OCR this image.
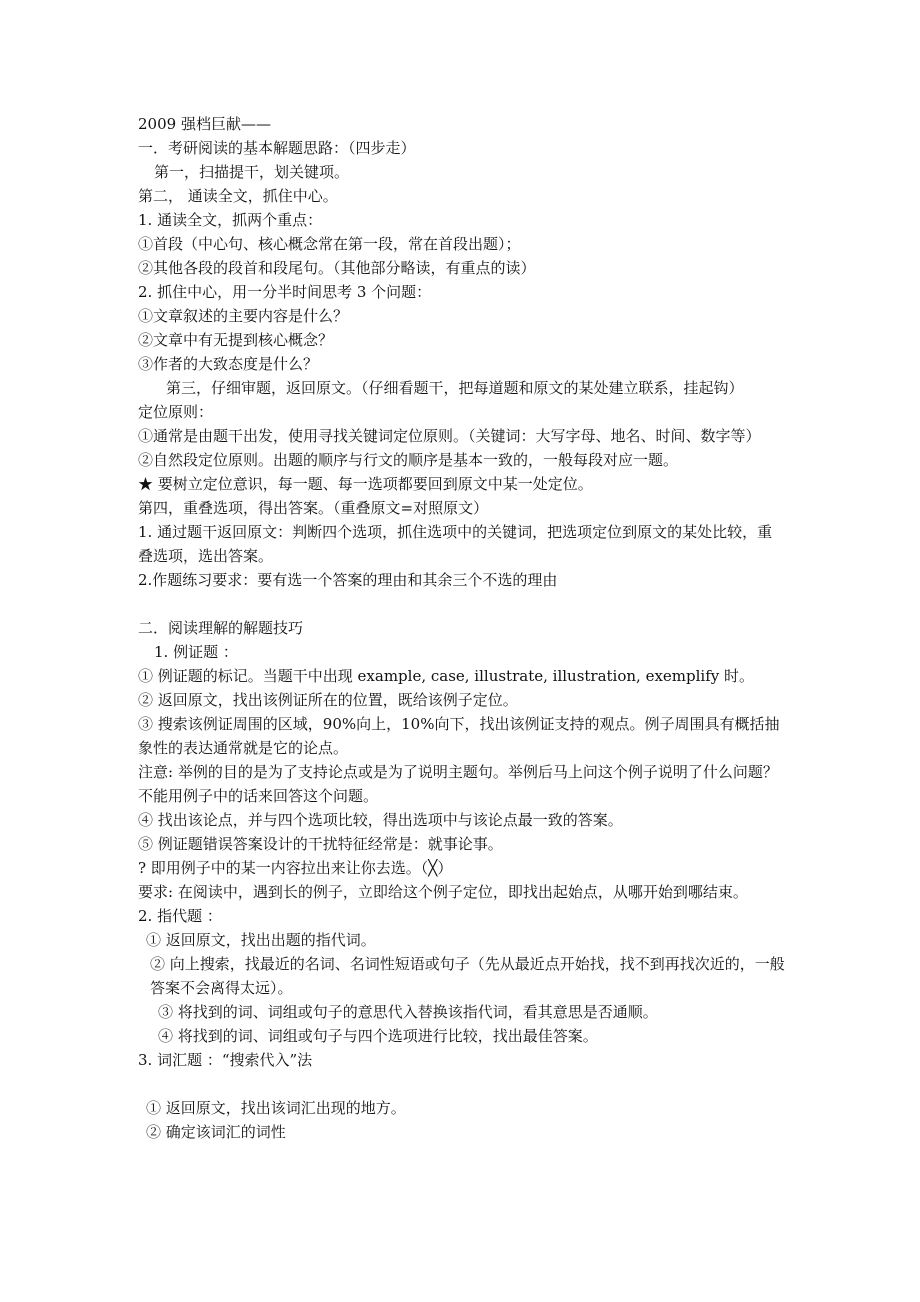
2009 强档巨献——
一．考研阅读的基本解题思路：（四步走）
第一，扫描提干，划关键项。
第二， 通读全文，抓住中心。
1. 通读全文，抓两个重点：
①首段（中心句、核心概念常在第一段，常在首段出题）；
②其他各段的段首和段尾句。（其他部分略读，有重点的读）
2. 抓住中心，用一分半时间思考 3 个问题：
①文章叙述的主要内容是什么？
②文章中有无提到核心概念？
③作者的大致态度是什么？
第三，仔细审题，返回原文。（仔细看题干，把每道题和原文的某处建立联系，挂起钩）
定位原则：
①通常是由题干出发，使用寻找关键词定位原则。（关键词：大写字母、地名、时间、数字等）
②自然段定位原则。出题的顺序与行文的顺序是基本一致的，一般每段对应一题。
★ 要树立定位意识，每一题、每一选项都要回到原文中某一处定位。
第四，重叠选项，得出答案。（重叠原文=对照原文）
1. 通过题干返回原文：判断四个选项，抓住选项中的关键词，把选项定位到原文的某处比较，重叠选项，选出答案。
2.作题练习要求：要有选一个答案的理由和其余三个不选的理由
二．阅读理解的解题技巧
1. 例证题 ：
① 例证题的标记。当题干中出现 example, case, illustrate, illustration, exemplify 时。
② 返回原文，找出该例证所在的位置，既给该例子定位。
③ 搜索该例证周围的区域，90%向上，10%向下，找出该例证支持的观点。例子周围具有概括抽象性的表达通常就是它的论点。
注意: 举例的目的是为了支持论点或是为了说明主题句。举例后马上问这个例子说明了什么问题？不能用例子中的话来回答这个问题。
④ 找出该论点，并与四个选项比较，得出选项中与该论点最一致的答案。
⑤ 例证题错误答案设计的干扰特征经常是：就事论事。
? 即用例子中的某一内容拉出来让你去选。（╳）
要求: 在阅读中，遇到长的例子，立即给这个例子定位，即找出起始点，从哪开始到哪结束。
2. 指代题 ：
① 返回原文，找出出题的指代词。
② 向上搜索，找最近的名词、名词性短语或句子（先从最近点开始找，找不到再找次近的，一般答案不会离得太远）。
③ 将找到的词、词组或句子的意思代入替换该指代词，看其意思是否通顺。
④ 将找到的词、词组或句子与四个选项进行比较，找出最佳答案。
3. 词汇题 ：“搜索代入”法
① 返回原文，找出该词汇出现的地方。
② 确定该词汇的词性
